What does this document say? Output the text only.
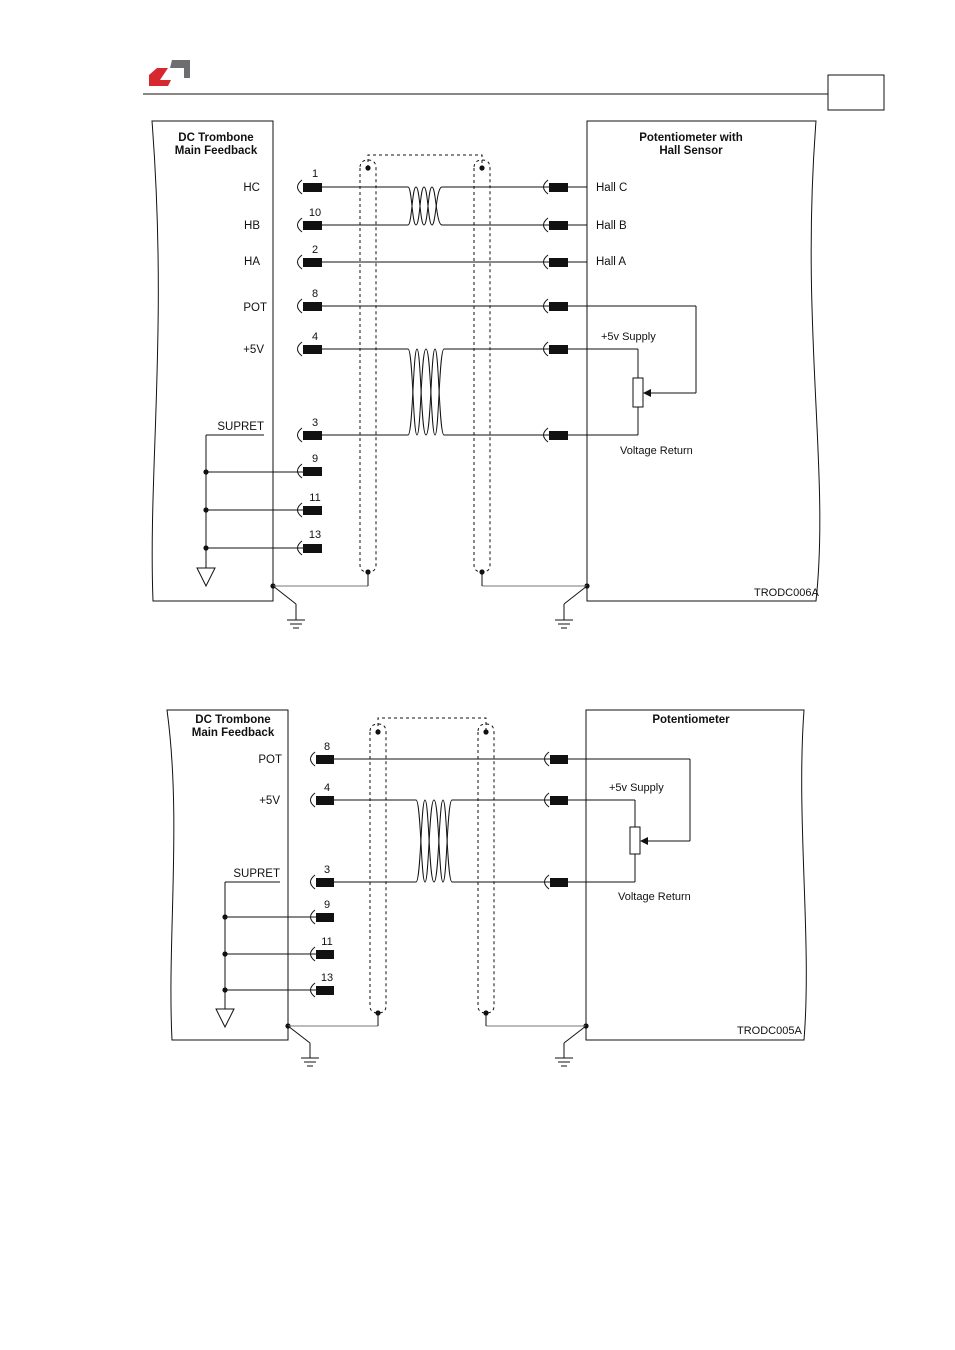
DC Trombone
Main Feedback
Potentiometer with
Hall Sensor
HC
HB
HA
POT
+5V
SUPRET
1
10
2
8
4
3
9
11
13
Hall C
Hall B
Hall A
+5v Supply
Voltage Return
TRODC006A
DC Trombone
Main Feedback
Potentiometer
POT
+5V
SUPRET
8
4
3
9
11
13
+5v Supply
Voltage Return
TRODC005A
